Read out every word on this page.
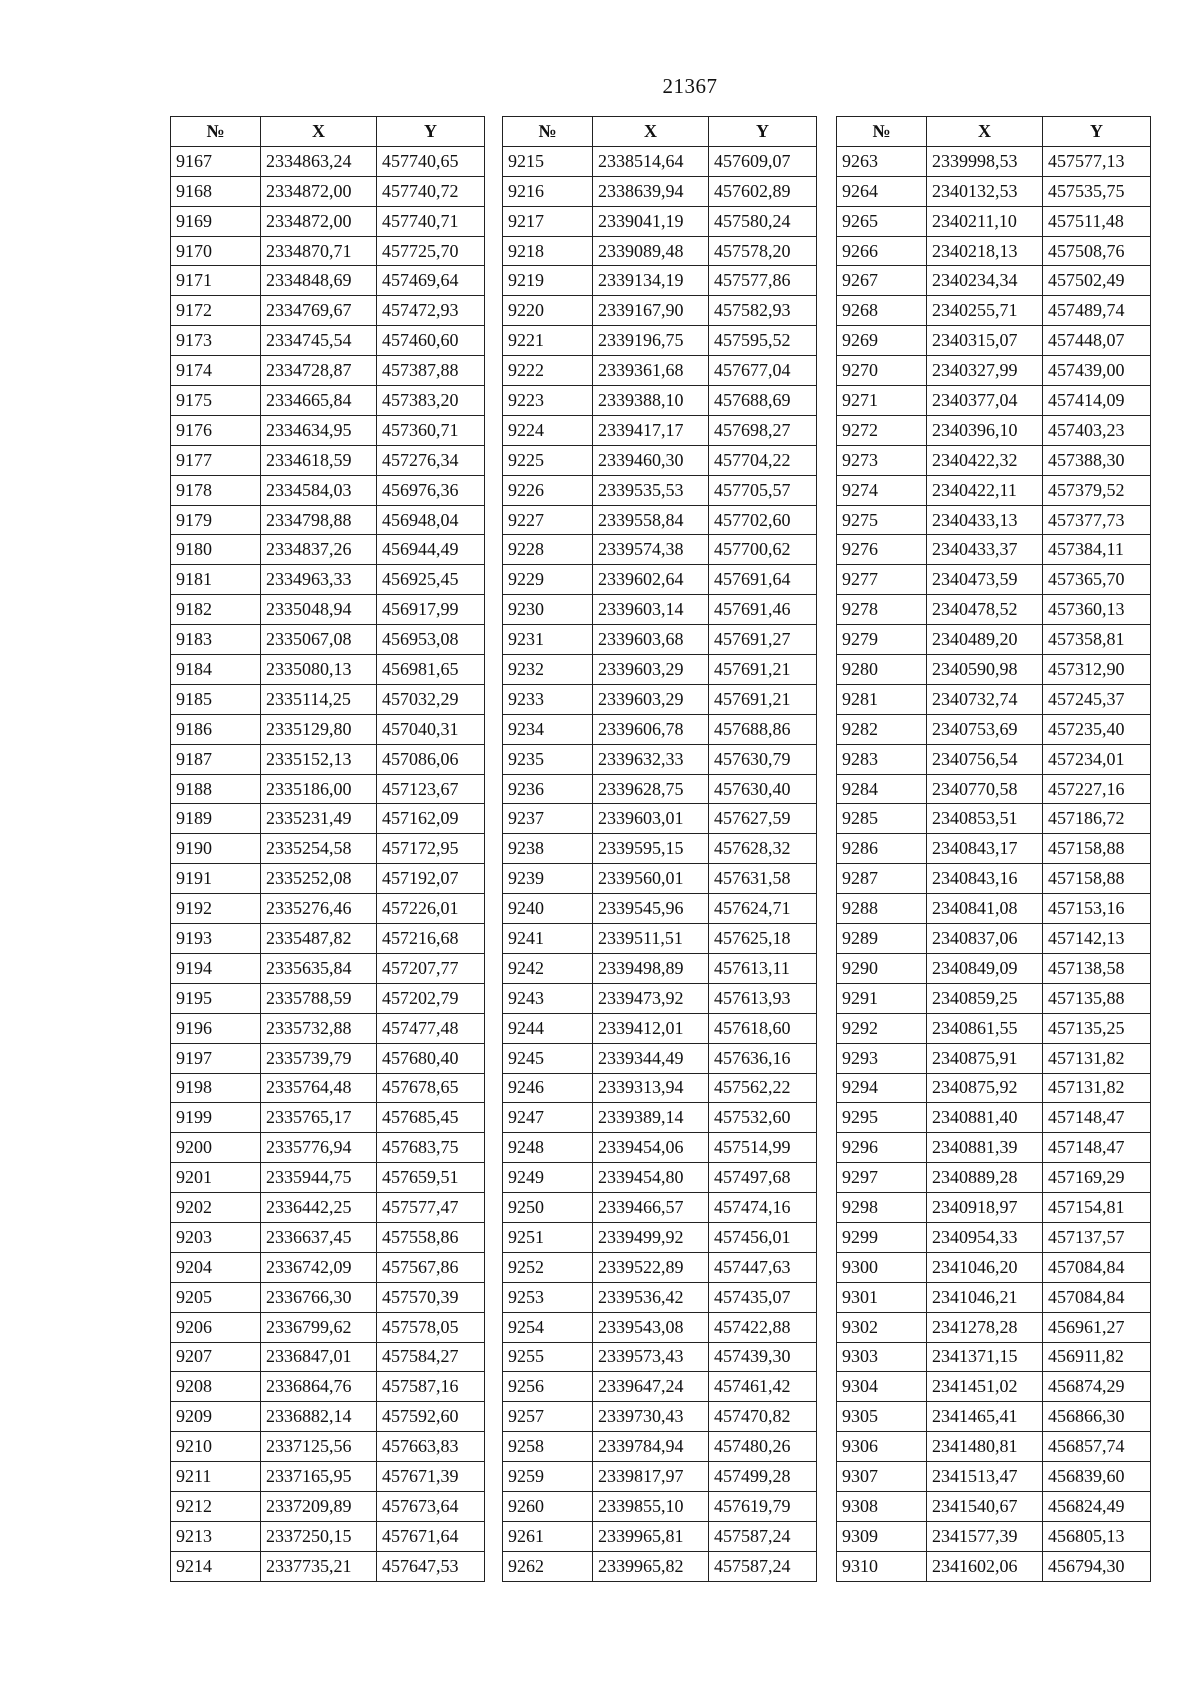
21367
№	X	Y
9167	2334863,24	457740,65
9168	2334872,00	457740,72
9169	2334872,00	457740,71
9170	2334870,71	457725,70
9171	2334848,69	457469,64
9172	2334769,67	457472,93
9173	2334745,54	457460,60
9174	2334728,87	457387,88
9175	2334665,84	457383,20
9176	2334634,95	457360,71
9177	2334618,59	457276,34
9178	2334584,03	456976,36
9179	2334798,88	456948,04
9180	2334837,26	456944,49
9181	2334963,33	456925,45
9182	2335048,94	456917,99
9183	2335067,08	456953,08
9184	2335080,13	456981,65
9185	2335114,25	457032,29
9186	2335129,80	457040,31
9187	2335152,13	457086,06
9188	2335186,00	457123,67
9189	2335231,49	457162,09
9190	2335254,58	457172,95
9191	2335252,08	457192,07
9192	2335276,46	457226,01
9193	2335487,82	457216,68
9194	2335635,84	457207,77
9195	2335788,59	457202,79
9196	2335732,88	457477,48
9197	2335739,79	457680,40
9198	2335764,48	457678,65
9199	2335765,17	457685,45
9200	2335776,94	457683,75
9201	2335944,75	457659,51
9202	2336442,25	457577,47
9203	2336637,45	457558,86
9204	2336742,09	457567,86
9205	2336766,30	457570,39
9206	2336799,62	457578,05
9207	2336847,01	457584,27
9208	2336864,76	457587,16
9209	2336882,14	457592,60
9210	2337125,56	457663,83
9211	2337165,95	457671,39
9212	2337209,89	457673,64
9213	2337250,15	457671,64
9214	2337735,21	457647,53
№	X	Y
9215	2338514,64	457609,07
9216	2338639,94	457602,89
9217	2339041,19	457580,24
9218	2339089,48	457578,20
9219	2339134,19	457577,86
9220	2339167,90	457582,93
9221	2339196,75	457595,52
9222	2339361,68	457677,04
9223	2339388,10	457688,69
9224	2339417,17	457698,27
9225	2339460,30	457704,22
9226	2339535,53	457705,57
9227	2339558,84	457702,60
9228	2339574,38	457700,62
9229	2339602,64	457691,64
9230	2339603,14	457691,46
9231	2339603,68	457691,27
9232	2339603,29	457691,21
9233	2339603,29	457691,21
9234	2339606,78	457688,86
9235	2339632,33	457630,79
9236	2339628,75	457630,40
9237	2339603,01	457627,59
9238	2339595,15	457628,32
9239	2339560,01	457631,58
9240	2339545,96	457624,71
9241	2339511,51	457625,18
9242	2339498,89	457613,11
9243	2339473,92	457613,93
9244	2339412,01	457618,60
9245	2339344,49	457636,16
9246	2339313,94	457562,22
9247	2339389,14	457532,60
9248	2339454,06	457514,99
9249	2339454,80	457497,68
9250	2339466,57	457474,16
9251	2339499,92	457456,01
9252	2339522,89	457447,63
9253	2339536,42	457435,07
9254	2339543,08	457422,88
9255	2339573,43	457439,30
9256	2339647,24	457461,42
9257	2339730,43	457470,82
9258	2339784,94	457480,26
9259	2339817,97	457499,28
9260	2339855,10	457619,79
9261	2339965,81	457587,24
9262	2339965,82	457587,24
№	X	Y
9263	2339998,53	457577,13
9264	2340132,53	457535,75
9265	2340211,10	457511,48
9266	2340218,13	457508,76
9267	2340234,34	457502,49
9268	2340255,71	457489,74
9269	2340315,07	457448,07
9270	2340327,99	457439,00
9271	2340377,04	457414,09
9272	2340396,10	457403,23
9273	2340422,32	457388,30
9274	2340422,11	457379,52
9275	2340433,13	457377,73
9276	2340433,37	457384,11
9277	2340473,59	457365,70
9278	2340478,52	457360,13
9279	2340489,20	457358,81
9280	2340590,98	457312,90
9281	2340732,74	457245,37
9282	2340753,69	457235,40
9283	2340756,54	457234,01
9284	2340770,58	457227,16
9285	2340853,51	457186,72
9286	2340843,17	457158,88
9287	2340843,16	457158,88
9288	2340841,08	457153,16
9289	2340837,06	457142,13
9290	2340849,09	457138,58
9291	2340859,25	457135,88
9292	2340861,55	457135,25
9293	2340875,91	457131,82
9294	2340875,92	457131,82
9295	2340881,40	457148,47
9296	2340881,39	457148,47
9297	2340889,28	457169,29
9298	2340918,97	457154,81
9299	2340954,33	457137,57
9300	2341046,20	457084,84
9301	2341046,21	457084,84
9302	2341278,28	456961,27
9303	2341371,15	456911,82
9304	2341451,02	456874,29
9305	2341465,41	456866,30
9306	2341480,81	456857,74
9307	2341513,47	456839,60
9308	2341540,67	456824,49
9309	2341577,39	456805,13
9310	2341602,06	456794,30
